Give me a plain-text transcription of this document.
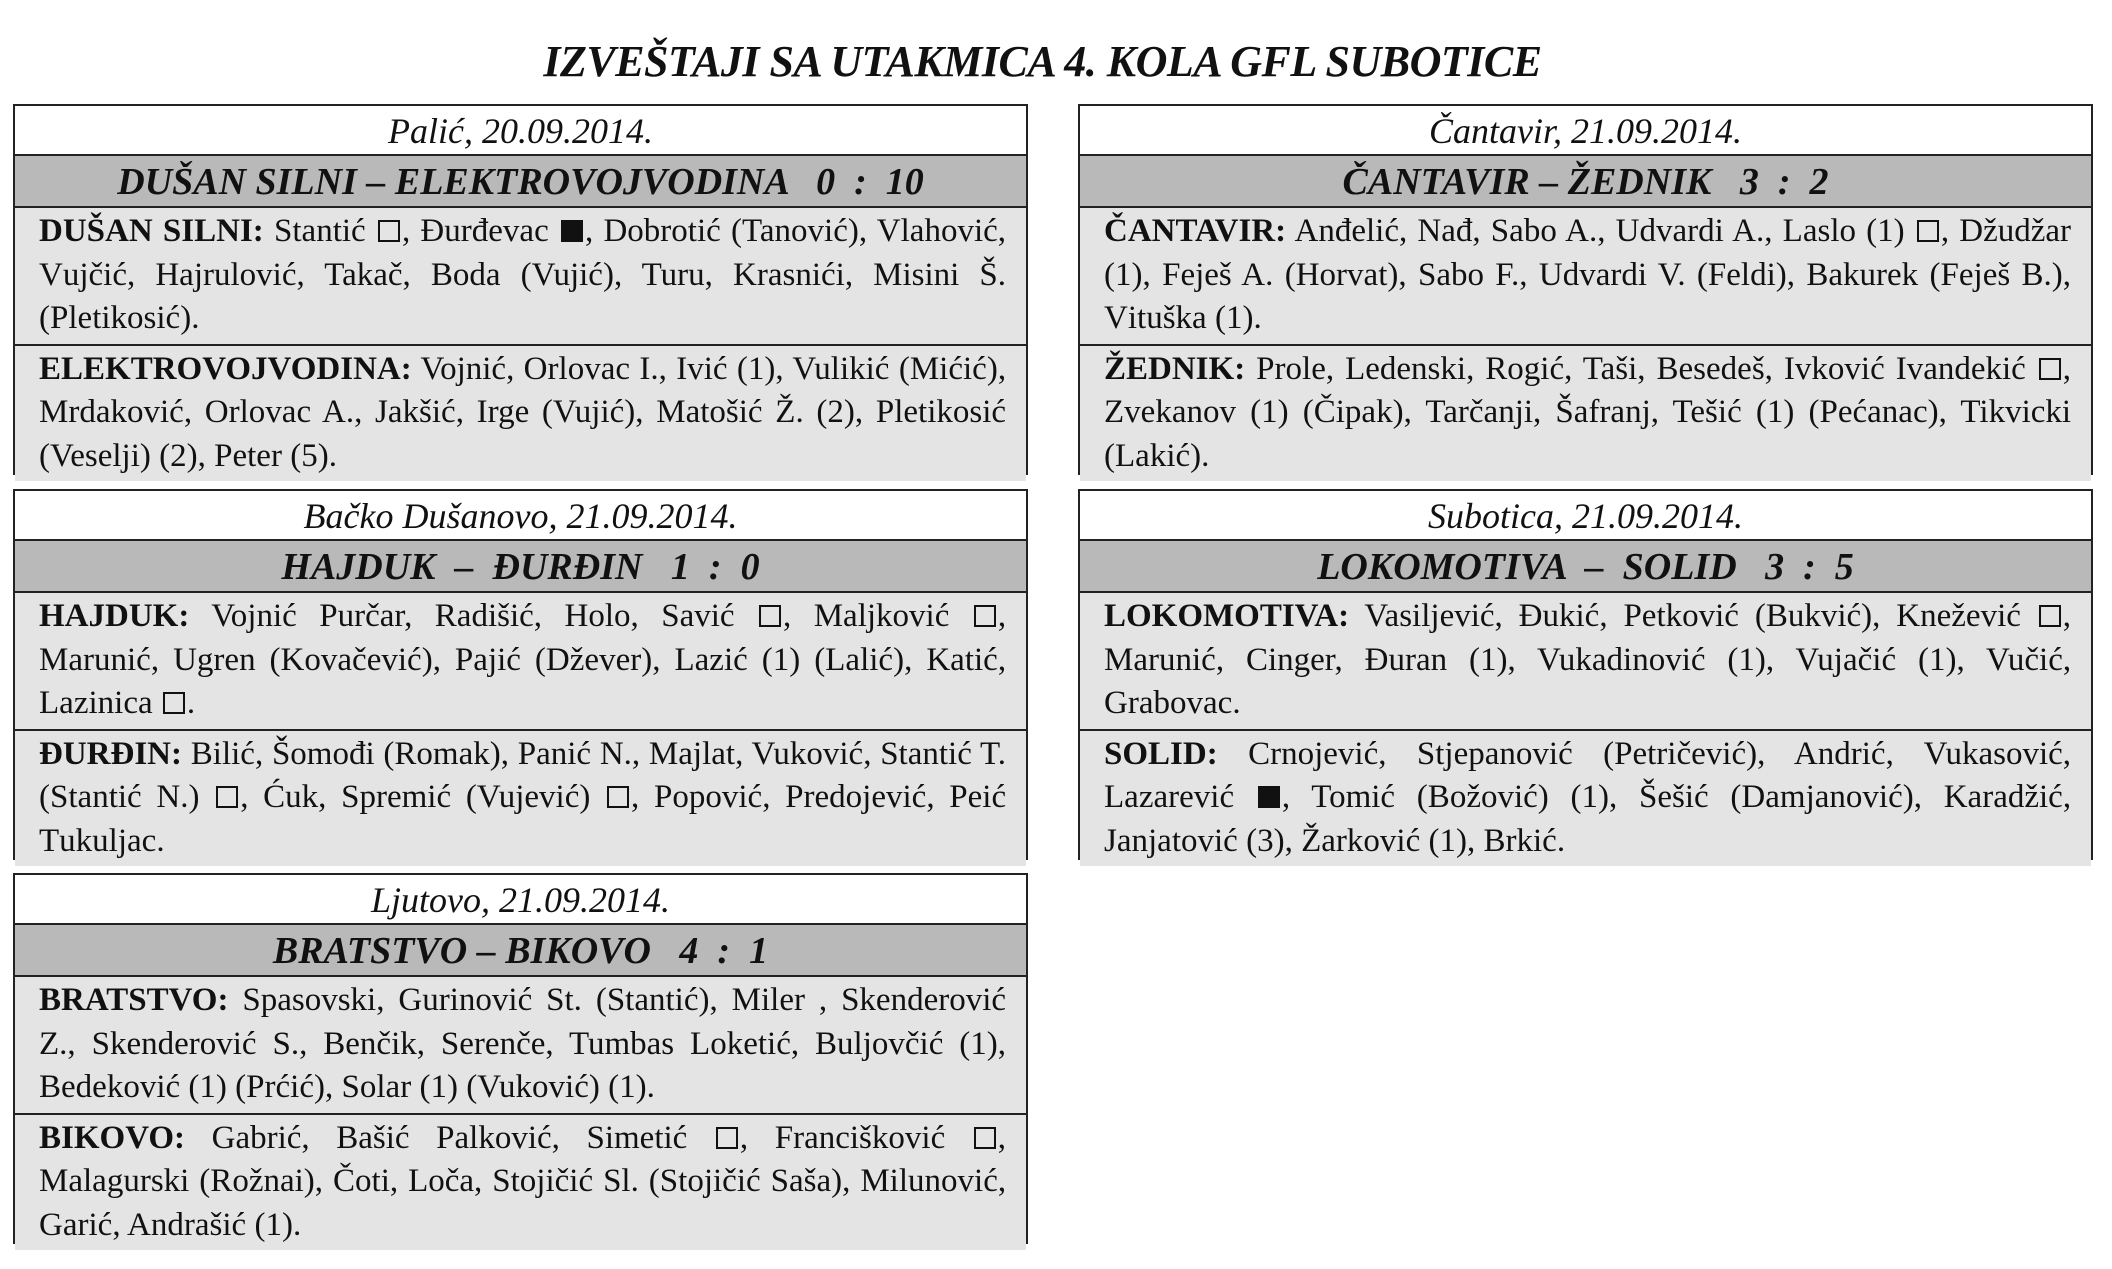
IZVEŠTAJI SA UTAKMICA 4. KOLA GFL SUBOTICE
Palić, 20.09.2014.
DUŠAN SILNI – ELEKTROVOJVODINA   0  :  10
DUŠAN SILNI: Stantić , Đurđevac , Dobrotić (Tanović), Vlahović, Vujčić, Hajrulović, Takač, Boda (Vujić), Turu, Krasnići, Misini Š. (Pletikosić).
ELEKTROVOJVODINA: Vojnić, Orlovac I., Ivić (1), Vulikić (Mićić), Mrdaković, Orlovac A., Jakšić, Irge (Vujić), Matošić Ž. (2), Pletikosić (Veselji) (2), Peter (5).
Čantavir, 21.09.2014.
ČANTAVIR – ŽEDNIK   3  :  2
ČANTAVIR: Anđelić, Nađ, Sabo A., Udvardi A., Laslo (1) , Džudžar (1), Feješ A. (Horvat), Sabo F., Udvardi V. (Feldi), Bakurek (Feješ B.), Vituška (1).
ŽEDNIK: Prole, Ledenski, Rogić, Taši, Besedeš, Ivković Ivandekić , Zvekanov (1) (Čipak), Tarčanji, Šafranj, Tešić (1) (Pećanac), Tikvicki (Lakić).
Bačko Dušanovo, 21.09.2014.
HAJDUK  –  ĐURĐIN   1  :  0
HAJDUK: Vojnić Purčar, Radišić, Holo, Savić , Maljković , Marunić, Ugren (Kovačević), Pajić (Džever), Lazić (1) (Lalić), Katić, Lazinica .
ĐURĐIN: Bilić, Šomođi (Romak), Panić N., Majlat, Vuković, Stantić T. (Stantić N.) , Ćuk, Spremić (Vujević) , Popović, Predojević, Peić Tukuljac.
Subotica, 21.09.2014.
LOKOMOTIVA  –  SOLID   3  :  5
LOKOMOTIVA: Vasiljević, Đukić, Petković (Bukvić), Knežević , Marunić, Cinger, Đuran (1), Vukadinović (1), Vujačić (1), Vučić, Grabovac.
SOLID: Crnojević, Stjepanović (Petričević), Andrić, Vukasović, Lazarević , Tomić (Božović) (1), Šešić (Damjanović), Karadžić, Janjatović (3), Žarković (1), Brkić.
Ljutovo, 21.09.2014.
BRATSTVO – BIKOVO   4  :  1
BRATSTVO: Spasovski, Gurinović St. (Stantić), Miler , Skenderović Z., Skenderović S., Benčik, Serenče, Tumbas Loketić, Buljovčić (1), Bedeković (1) (Prćić), Solar (1) (Vuković) (1).
BIKOVO: Gabrić, Bašić Palković, Simetić , Francišković , Malagurski (Rožnai), Čoti, Loča, Stojičić Sl. (Stojičić Saša), Milunović, Garić, Andrašić (1).
